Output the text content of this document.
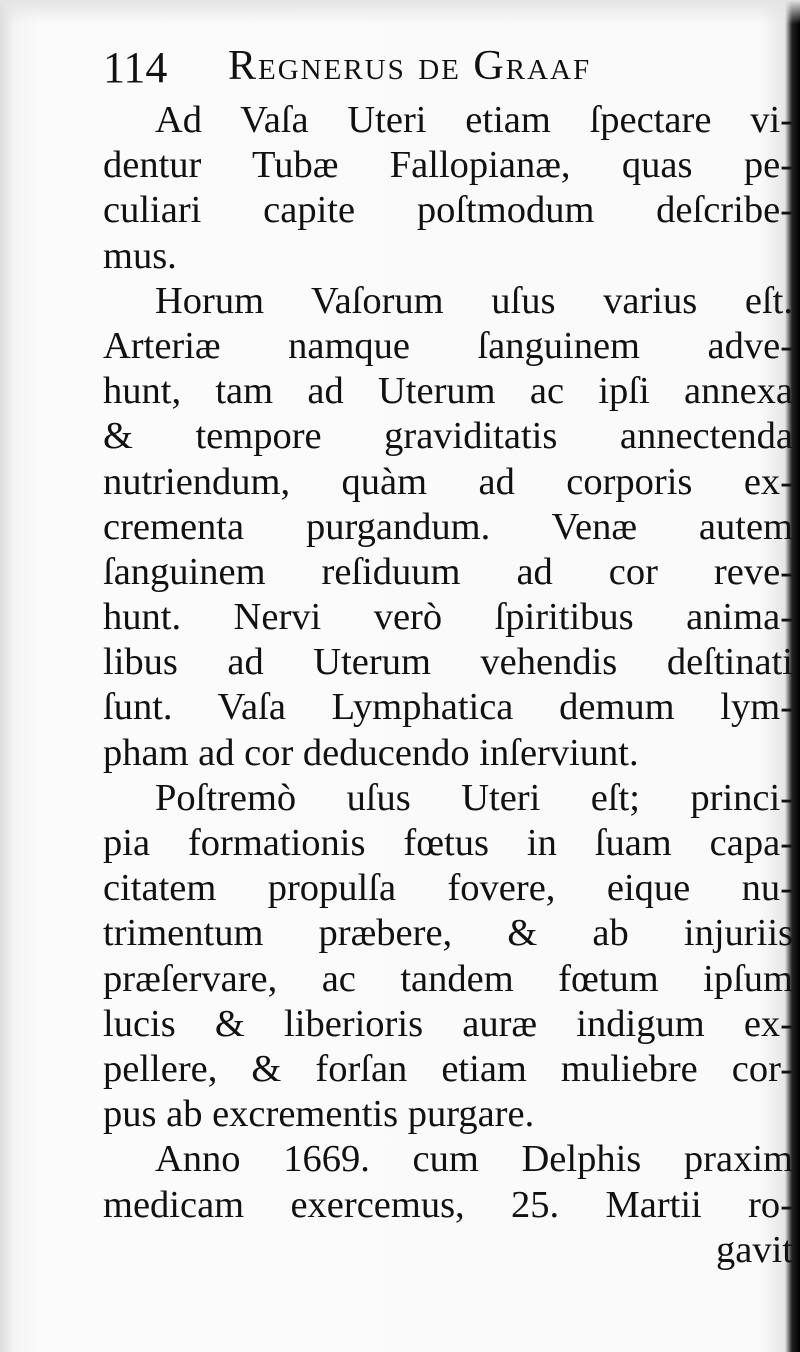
114 Regnerus de Graaf
Ad Vaſa Uteri etiam ſpectare vi-
dentur Tubæ Fallopianæ, quas pe-
culiari capite poſtmodum deſcribe-
mus.
Horum Vaſorum uſus varius eſt.
Arteriæ namque ſanguinem adve-
hunt, tam ad Uterum ac ipſi annexa
& tempore graviditatis annectenda
nutriendum, quàm ad corporis ex-
crementa purgandum. Venæ autem
ſanguinem reſiduum ad cor reve-
hunt. Nervi verò ſpiritibus anima-
libus ad Uterum vehendis deſtinati
ſunt. Vaſa Lymphatica demum lym-
pham ad cor deducendo inſerviunt.
Poſtremò uſus Uteri eſt; princi-
pia formationis fœtus in ſuam capa-
citatem propulſa fovere, eique nu-
trimentum præbere, & ab injuriis
præſervare, ac tandem fœtum ipſum
lucis & liberioris auræ indigum ex-
pellere, & forſan etiam muliebre cor-
pus ab excrementis purgare.
Anno 1669. cum Delphis praxim
medicam exercemus, 25. Martii ro-
gavit
